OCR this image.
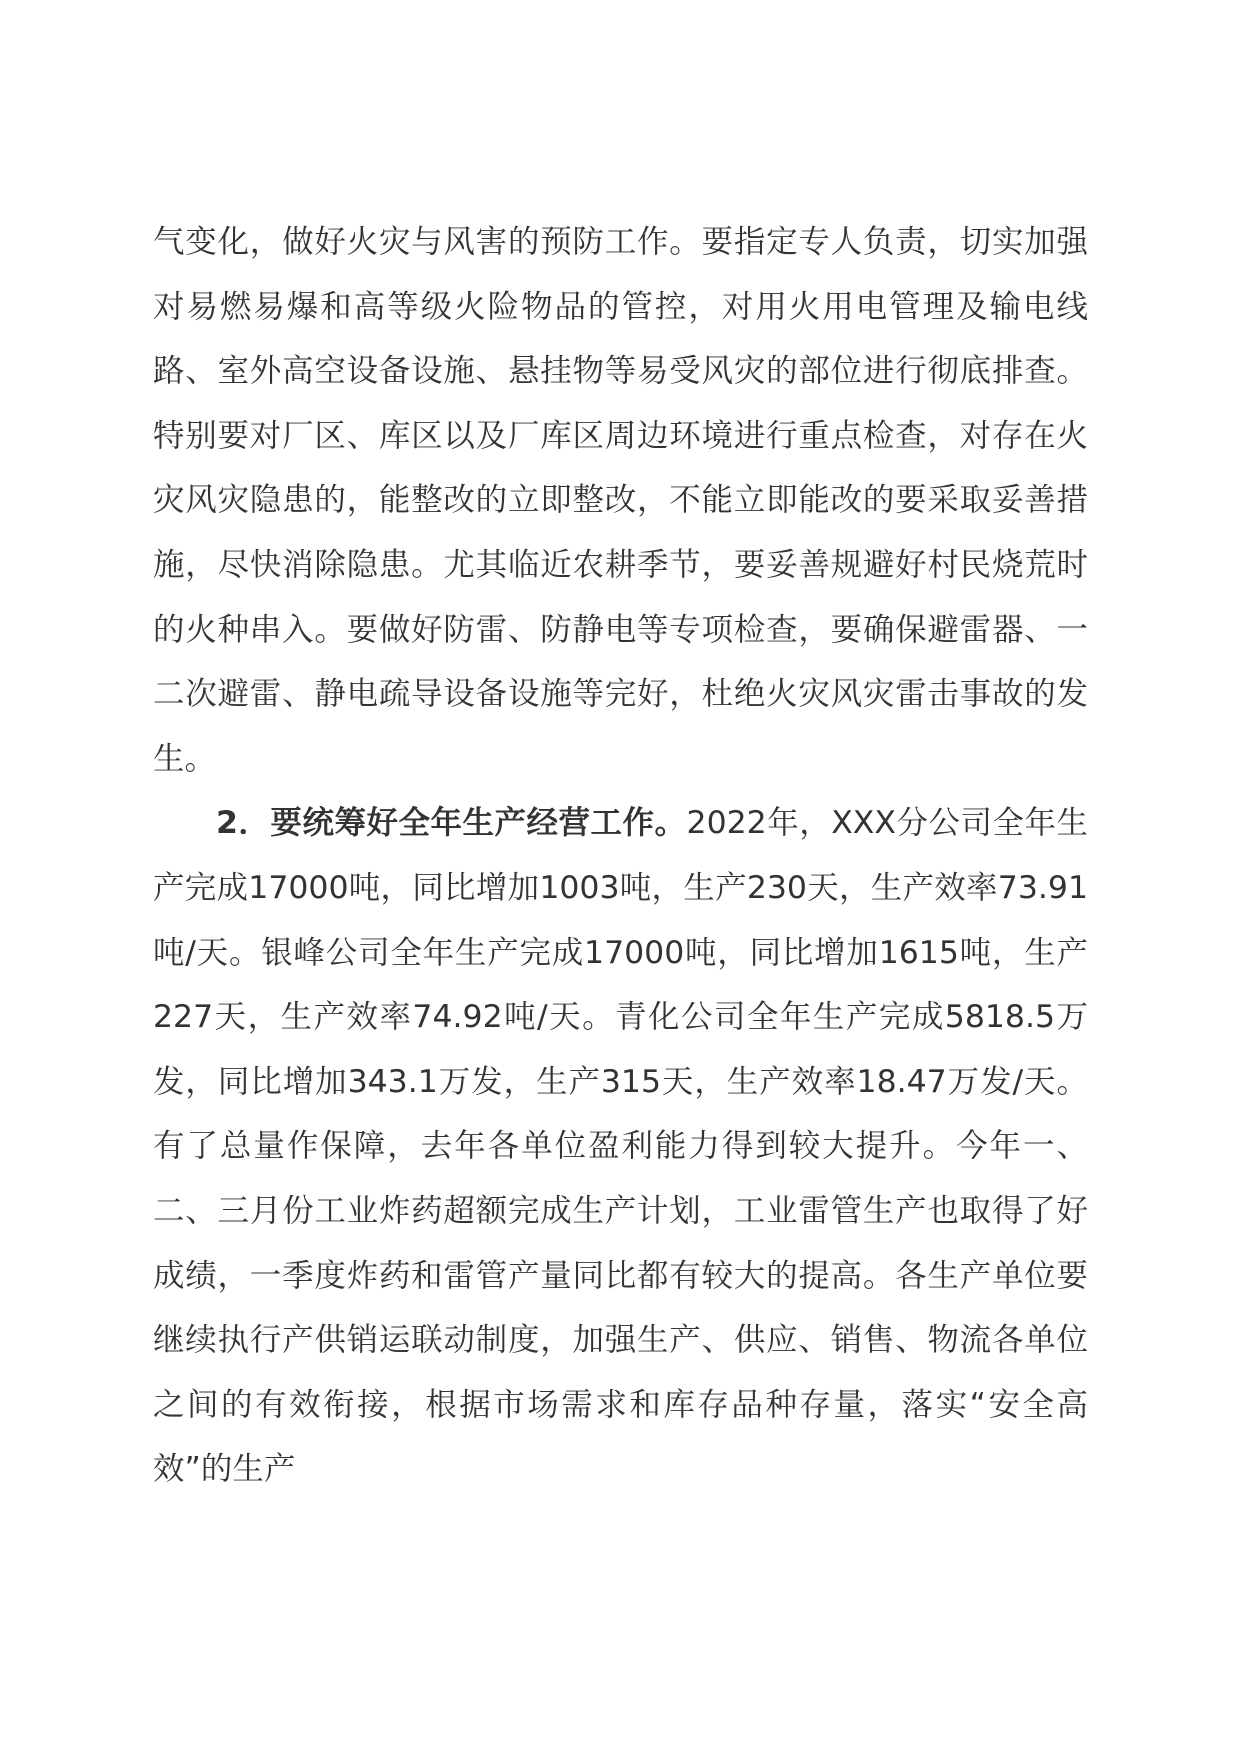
气变化，做好火灾与风害的预防工作。要指定专人负责，切实加强对易燃易爆和高等级火险物品的管控，对用火用电管理及输电线路、室外高空设备设施、悬挂物等易受风灾的部位进行彻底排查。特别要对厂区、库区以及厂库区周边环境进行重点检查，对存在火灾风灾隐患的，能整改的立即整改，不能立即能改的要采取妥善措施，尽快消除隐患。尤其临近农耕季节，要妥善规避好村民烧荒时的火种串入。要做好防雷、防静电等专项检查，要确保避雷器、一二次避雷、静电疏导设备设施等完好，杜绝火灾风灾雷击事故的发生。

2．要统筹好全年生产经营工作。2022年，XXX分公司全年生产完成17000吨，同比增加1003吨，生产230天，生产效率73.91吨/天。银峰公司全年生产完成17000吨，同比增加1615吨，生产227天，生产效率74.92吨/天。青化公司全年生产完成5818.5万发，同比增加343.1万发，生产315天，生产效率18.47万发/天。有了总量作保障，去年各单位盈利能力得到较大提升。今年一、二、三月份工业炸药超额完成生产计划，工业雷管生产也取得了好成绩，一季度炸药和雷管产量同比都有较大的提高。各生产单位要继续执行产供销运联动制度，加强生产、供应、销售、物流各单位之间的有效衔接，根据市场需求和库存品种存量，落实“安全高效”的生产
